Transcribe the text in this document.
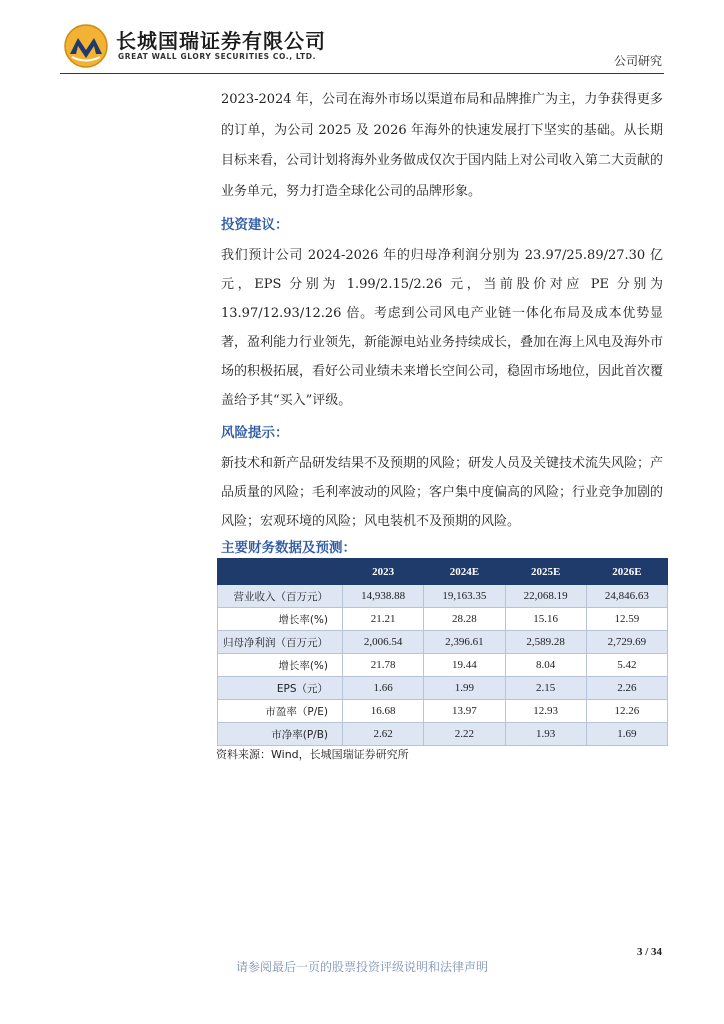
长城国瑞证券有限公司
GREAT WALL GLORY SECURITIES CO., LTD.	公司研究

2023-2024 年，公司在海外市场以渠道布局和品牌推广为主，力争获得更多的订单，为公司 2025 及 2026 年海外的快速发展打下坚实的基础。从长期目标来看，公司计划将海外业务做成仅次于国内陆上对公司收入第二大贡献的业务单元，努力打造全球化公司的品牌形象。

投资建议：

我们预计公司 2024-2026 年的归母净利润分别为 23.97/25.89/27.30 亿元，EPS 分别为 1.99/2.15/2.26 元，当前股价对应 PE 分别为 13.97/12.93/12.26 倍。考虑到公司风电产业链一体化布局及成本优势显著，盈利能力行业领先，新能源电站业务持续成长，叠加在海上风电及海外市场的积极拓展，看好公司业绩未来增长空间公司，稳固市场地位，因此首次覆盖给予其“买入”评级。

风险提示：

新技术和新产品研发结果不及预期的风险；研发人员及关键技术流失风险；产品质量的风险；毛利率波动的风险；客户集中度偏高的风险；行业竞争加剧的风险；宏观环境的风险；风电装机不及预期的风险。

主要财务数据及预测：
	2023	2024E	2025E	2026E
营业收入（百万元）	14,938.88	19,163.35	22,068.19	24,846.63
增长率(%)	21.21	28.28	15.16	12.59
归母净利润（百万元）	2,006.54	2,396.61	2,589.28	2,729.69
增长率(%)	21.78	19.44	8.04	5.42
EPS（元）	1.66	1.99	2.15	2.26
市盈率（P/E)	16.68	13.97	12.93	12.26
市净率(P/B)	2.62	2.22	1.93	1.69
资料来源：Wind，长城国瑞证券研究所
3 / 34
请参阅最后一页的股票投资评级说明和法律声明
